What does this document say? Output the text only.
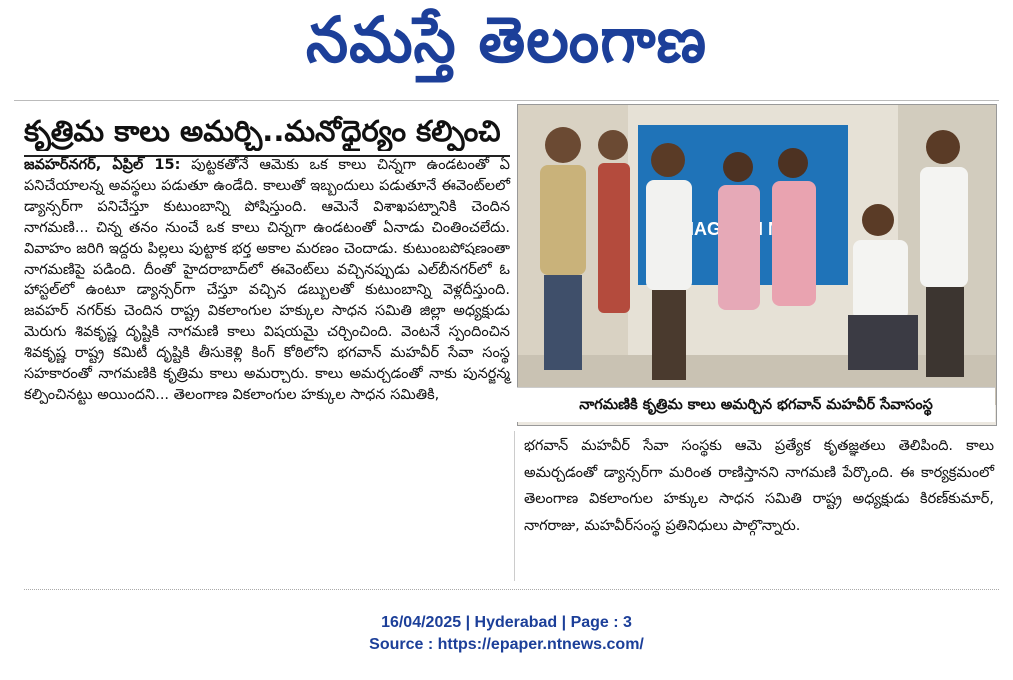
నమస్తే తెలంగాణ
కృత్రిమ కాలు అమర్చి..మనోధైర్యం కల్పించి

జవహర్‌నగర్, ఏప్రిల్ 15: పుట్టకతోనే ఆమెకు ఒక కాలు చిన్నగా ఉండటంతో ఏ పనిచేయాలన్న అవస్థలు పడుతూ ఉండేది. కాలుతో ఇబ్బందులు పడుతూనే ఈవెంట్‌లలో డ్యాన్సర్‌గా పనిచేస్తూ కుటుంబాన్ని పోషిస్తుంది. ఆమెనే విశాఖపట్నానికి చెందిన నాగమణి... చిన్న తనం నుంచే ఒక కాలు చిన్నగా ఉండటంతో ఏనాడు చింతించలేదు. వివాహం జరిగి ఇద్దరు పిల్లలు పుట్టాక భర్త అకాల మరణం చెందాడు. కుటుంబపోషణంతా నాగమణిపై పడింది. దీంతో హైదరాబాద్‌లో ఈవెంట్‌లు వచ్చినప్పుడు ఎల్‌బీనగర్‌లో ఓ హాస్టల్‌లో ఉంటూ డ్యాన్సర్‌గా చేస్తూ వచ్చిన డబ్బులతో కుటుంబాన్ని వెళ్లదీస్తుంది. జవహర్ నగర్‌కు చెందిన రాష్ట్ర వికలాంగుల హక్కుల సాధన సమితి జిల్లా అధ్యక్షుడు మెరుగు శివకృష్ణ దృష్టికి నాగమణి కాలు విషయమై చర్చించింది. వెంటనే స్పందించిన శివకృష్ణ రాష్ట్ర కమిటీ దృష్టికి తీసుకెళ్లి కింగ్ కోఠిలోని భగవాన్ మహవీర్ సేవా సంస్థ సహకారంతో నాగమణికి కృత్రిమ కాలు అమర్చారు. కాలు అమర్చడంతో నాకు పునర్జన్మ కల్పించినట్టు అయిందని... తెలంగాణ వికలాంగుల హక్కుల సాధన సమితికి,

BHAGWAN
నాగమణికి కృత్రిమ కాలు అమర్చిన భగవాన్ మహవీర్ సేవాసంస్థ

భగవాన్ మహవీర్ సేవా సంస్థకు ఆమె ప్రత్యేక కృతజ్ఞతలు తెలిపింది. కాలు అమర్చడంతో డ్యాన్సర్‌గా మరింత రాణిస్తానని నాగమణి పేర్కొంది. ఈ కార్యక్రమంలో తెలంగాణ వికలాంగుల హక్కుల సాధన సమితి రాష్ట్ర అధ్యక్షుడు కిరణ్‌కుమార్, నాగరాజు, మహవీర్‌సంస్థ ప్రతినిధులు పాల్గొన్నారు.

16/04/2025 | Hyderabad | Page : 3
Source : https://epaper.ntnews.com/
